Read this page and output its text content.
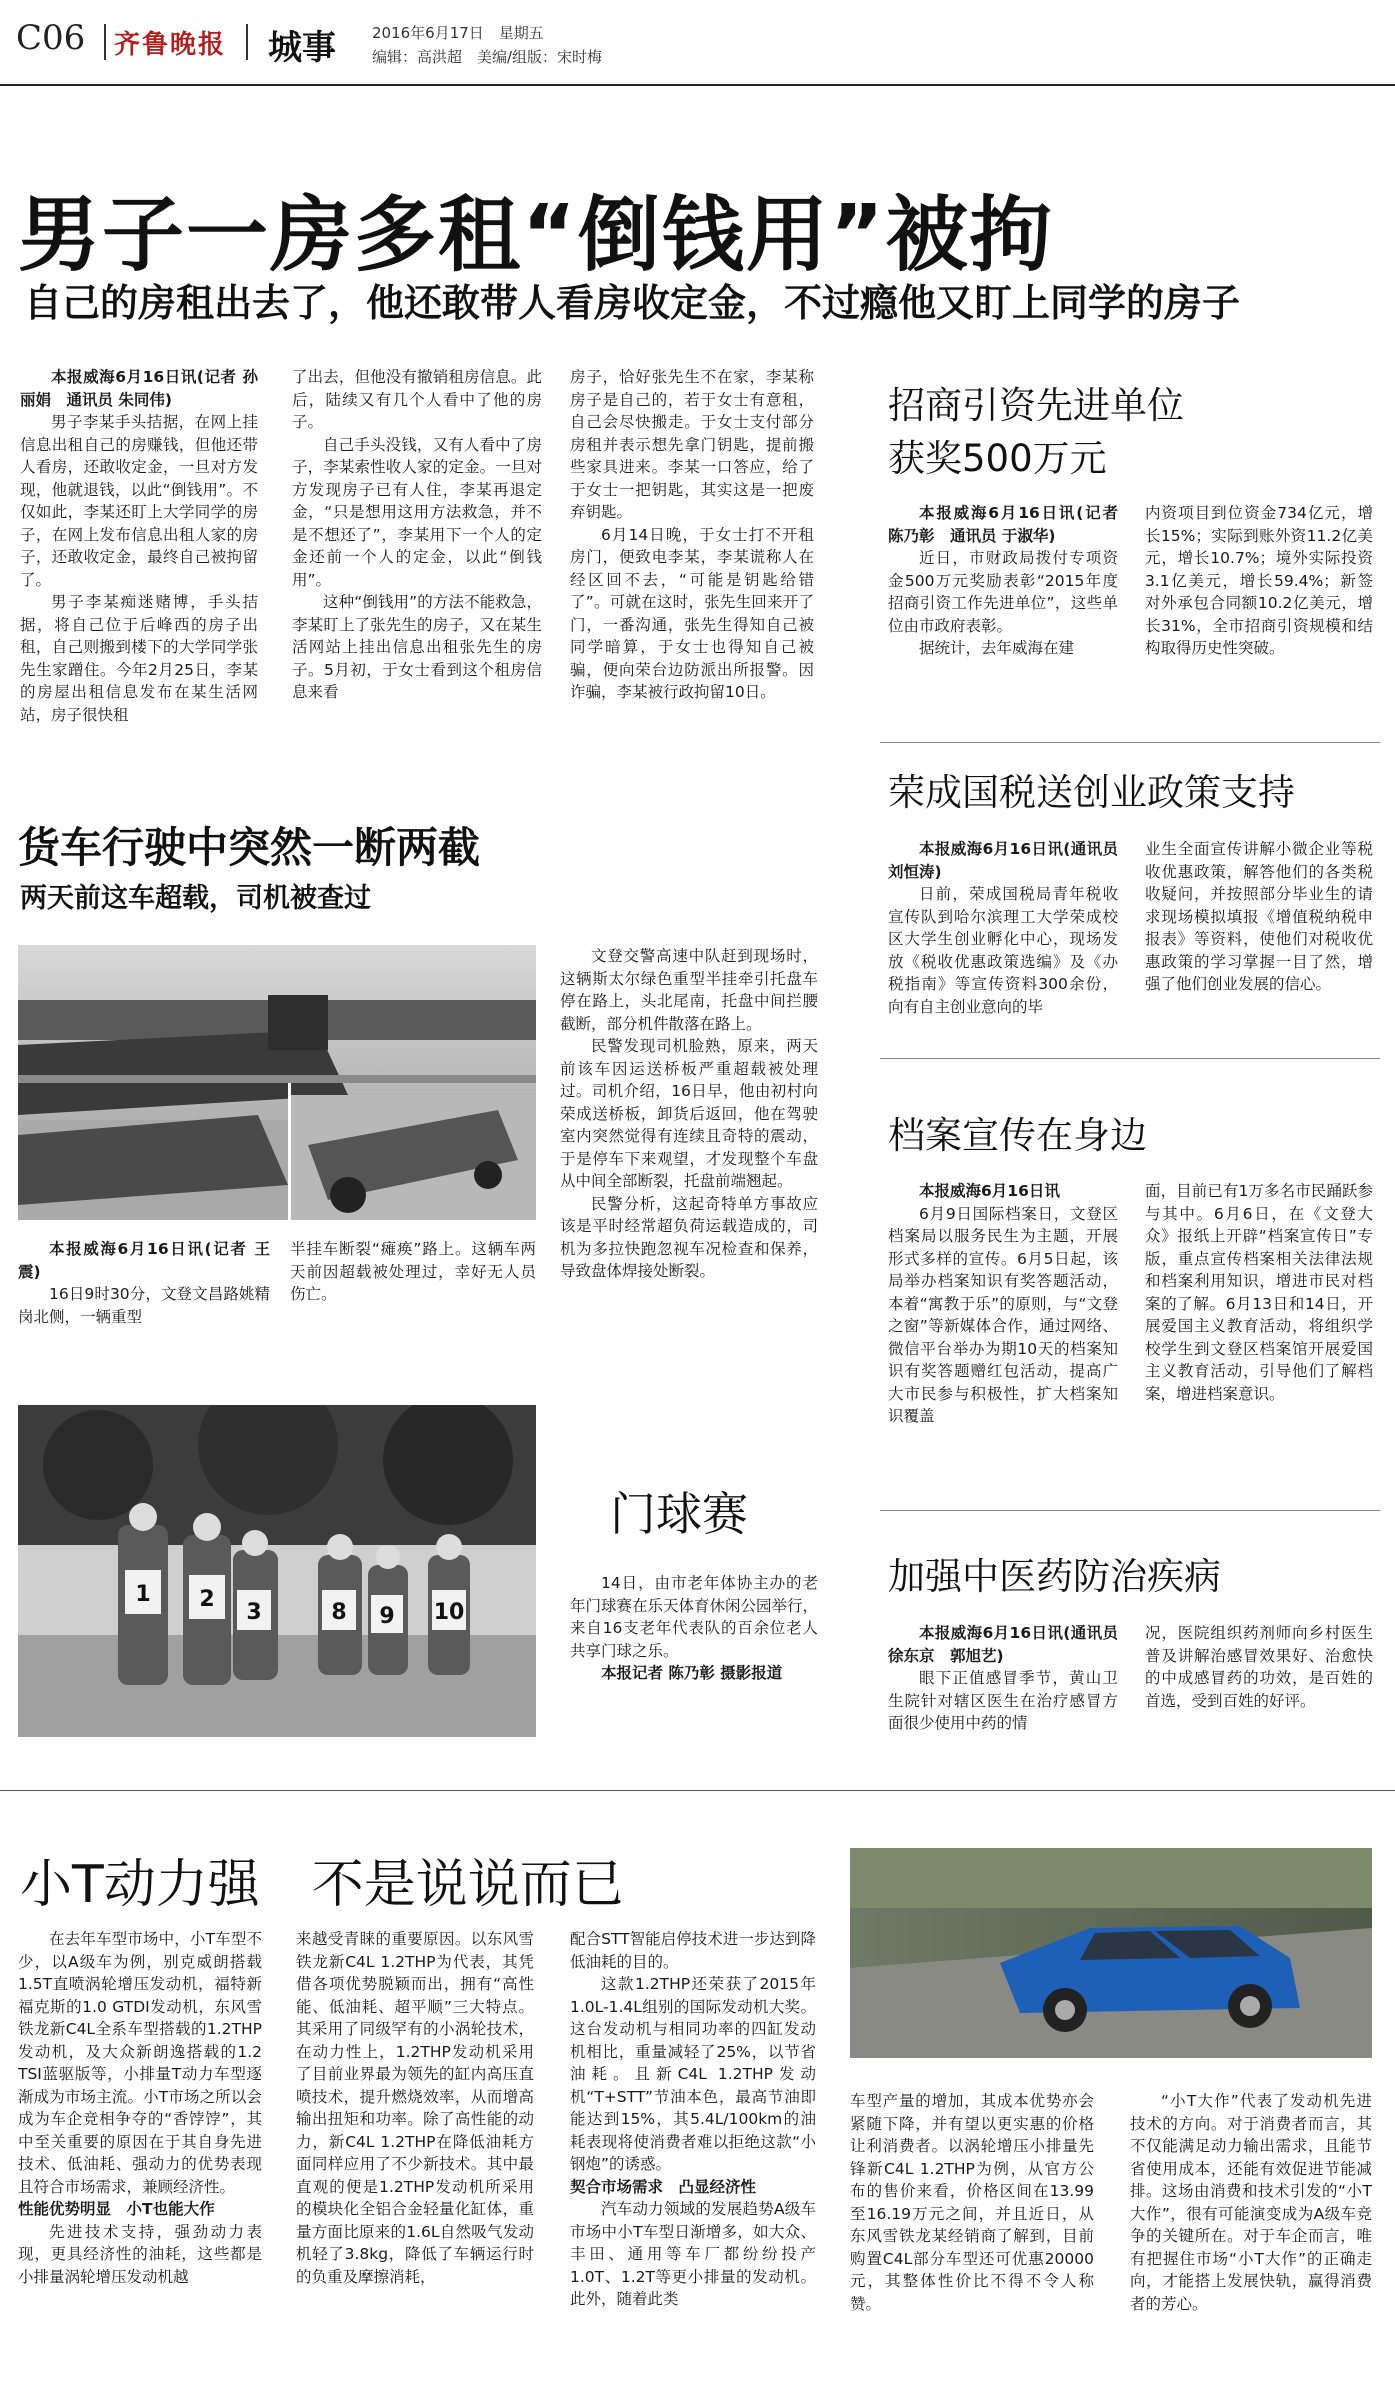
C06 齐鲁晚报 城事 2016年6月17日　星期五
编辑：高洪超　美编/组版：宋时梅
男子一房多租“倒钱用”被拘
自己的房租出去了，他还敢带人看房收定金，不过瘾他又盯上同学的房子

本报威海6月16日讯(记者 孙丽娟　通讯员 朱同伟)

男子李某手头拮据，在网上挂信息出租自己的房赚钱，但他还带人看房，还敢收定金，一旦对方发现，他就退钱，以此“倒钱用”。不仅如此，李某还盯上大学同学的房子，在网上发布信息出租人家的房子，还敢收定金，最终自己被拘留了。

男子李某痴迷赌博，手头拮据，将自己位于后峰西的房子出租，自己则搬到楼下的大学同学张先生家蹭住。今年2月25日，李某的房屋出租信息发布在某生活网站，房子很快租

了出去，但他没有撤销租房信息。此后，陆续又有几个人看中了他的房子。

自己手头没钱，又有人看中了房子，李某索性收人家的定金。一旦对方发现房子已有人住，李某再退定金，“只是想用这用方法救急，并不是不想还了”，李某用下一个人的定金还前一个人的定金，以此“倒钱用”。

这种“倒钱用”的方法不能救急，李某盯上了张先生的房子，又在某生活网站上挂出信息出租张先生的房子。5月初，于女士看到这个租房信息来看

房子，恰好张先生不在家，李某称房子是自己的，若于女士有意租，自己会尽快搬走。于女士支付部分房租并表示想先拿门钥匙，提前搬些家具进来。李某一口答应，给了于女士一把钥匙，其实这是一把废弃钥匙。

6月14日晚，于女士打不开租房门，便致电李某，李某谎称人在经区回不去，“可能是钥匙给错了”。可就在这时，张先生回来开了门，一番沟通，张先生得知自己被同学暗算，于女士也得知自己被骗，便向荣台边防派出所报警。因诈骗，李某被行政拘留10日。

货车行驶中突然一断两截
两天前这车超载，司机被查过

文登交警高速中队赶到现场时，这辆斯太尔绿色重型半挂牵引托盘车停在路上，头北尾南，托盘中间拦腰截断，部分机件散落在路上。

民警发现司机脸熟，原来，两天前该车因运送桥板严重超载被处理过。司机介绍，16日早，他由初村向荣成送桥板，卸货后返回，他在驾驶室内突然觉得有连续且奇特的震动，于是停车下来观望，才发现整个车盘从中间全部断裂，托盘前端翘起。

民警分析，这起奇特单方事故应该是平时经常超负荷运载造成的，司机为多拉快跑忽视车况检查和保养，导致盘体焊接处断裂。

本报威海6月16日讯(记者 王震)

16日9时30分，文登文昌路姚精岗北侧，一辆重型

半挂车断裂“瘫痪”路上。这辆车两天前因超载被处理过，幸好无人员伤亡。

1 2
3	8 9 10
门球赛

14日，由市老年体协主办的老年门球赛在乐天体育休闲公园举行，来自16支老年代表队的百余位老人共享门球之乐。

本报记者 陈乃彰 摄影报道

招商引资先进单位
获奖500万元

本报威海6月16日讯(记者 陈乃彰　通讯员 于淑华)

近日，市财政局拨付专项资金500万元奖励表彰“2015年度招商引资工作先进单位”，这些单位由市政府表彰。

据统计，去年威海在建

内资项目到位资金734亿元，增长15%；实际到账外资11.2亿美元，增长10.7%；境外实际投资3.1亿美元，增长59.4%；新签对外承包合同额10.2亿美元，增长31%，全市招商引资规模和结构取得历史性突破。

荣成国税送创业政策支持

本报威海6月16日讯(通讯员 刘恒涛)

日前，荣成国税局青年税收宣传队到哈尔滨理工大学荣成校区大学生创业孵化中心，现场发放《税收优惠政策选编》及《办税指南》等宣传资料300余份，向有自主创业意向的毕

业生全面宣传讲解小微企业等税收优惠政策，解答他们的各类税收疑问，并按照部分毕业生的请求现场模拟填报《增值税纳税申报表》等资料，使他们对税收优惠政策的学习掌握一目了然，增强了他们创业发展的信心。

档案宣传在身边

本报威海6月16日讯

6月9日国际档案日，文登区档案局以服务民生为主题，开展形式多样的宣传。6月5日起，该局举办档案知识有奖答题活动，本着“寓教于乐”的原则，与“文登之窗”等新媒体合作，通过网络、微信平台举办为期10天的档案知识有奖答题赠红包活动，提高广大市民参与积极性，扩大档案知识覆盖

面，目前已有1万多名市民踊跃参与其中。6月6日，在《文登大众》报纸上开辟“档案宣传日”专版，重点宣传档案相关法律法规和档案利用知识，增进市民对档案的了解。6月13日和14日，开展爱国主义教育活动，将组织学校学生到文登区档案馆开展爱国主义教育活动，引导他们了解档案，增进档案意识。

加强中医药防治疾病

本报威海6月16日讯(通讯员 徐东京　郭旭艺)

眼下正值感冒季节，黄山卫生院针对辖区医生在治疗感冒方面很少使用中药的情

况，医院组织药剂师向乡村医生普及讲解治感冒效果好、治愈快的中成感冒药的功效，是百姓的首选，受到百姓的好评。

小T动力强　不是说说而已

在去年车型市场中，小T车型不少，以A级车为例，别克威朗搭载1.5T直喷涡轮增压发动机，福特新福克斯的1.0 GTDI发动机，东风雪铁龙新C4L全系车型搭载的1.2THP发动机，及大众新朗逸搭载的1.2 TSI蓝驱版等，小排量T动力车型逐渐成为市场主流。小T市场之所以会成为车企竞相争夺的“香饽饽”，其中至关重要的原因在于其自身先进技术、低油耗、强动力的优势表现且符合市场需求，兼顾经济性。

性能优势明显　小T也能大作

先进技术支持，强劲动力表现，更具经济性的油耗，这些都是小排量涡轮增压发动机越

来越受青睐的重要原因。以东风雪铁龙新C4L 1.2THP为代表，其凭借各项优势脱颖而出，拥有“高性能、低油耗、超平顺”三大特点。其采用了同级罕有的小涡轮技术，在动力性上，1.2THP发动机采用了目前业界最为领先的缸内高压直喷技术，提升燃烧效率，从而增高输出扭矩和功率。除了高性能的动力，新C4L 1.2THP在降低油耗方面同样应用了不少新技术。其中最直观的便是1.2THP发动机所采用的模块化全铝合金轻量化缸体，重量方面比原来的1.6L自然吸气发动机轻了3.8kg，降低了车辆运行时的负重及摩擦消耗，

配合STT智能启停技术进一步达到降低油耗的目的。

这款1.2THP还荣获了2015年1.0L-1.4L组别的国际发动机大奖。这台发动机与相同功率的四缸发动机相比，重量减轻了25%，以节省油耗。且新C4L 1.2THP发动机“T+STT”节油本色，最高节油即能达到15%，其5.4L/100km的油耗表现将使消费者难以拒绝这款“小钢炮”的诱惑。

契合市场需求　凸显经济性

汽车动力领域的发展趋势A级车市场中小T车型日渐增多，如大众、丰田、通用等车厂都纷纷投产1.0T、1.2T等更小排量的发动机。此外，随着此类

车型产量的增加，其成本优势亦会紧随下降，并有望以更实惠的价格让利消费者。以涡轮增压小排量先锋新C4L 1.2THP为例，从官方公布的售价来看，价格区间在13.99至16.19万元之间，并且近日，从东风雪铁龙某经销商了解到，目前购置C4L部分车型还可优惠20000元，其整体性价比不得不令人称赞。

“小T大作”代表了发动机先进技术的方向。对于消费者而言，其不仅能满足动力输出需求，且能节省使用成本，还能有效促进节能减排。这场由消费和技术引发的“小T大作”，很有可能演变成为A级车竞争的关键所在。对于车企而言，唯有把握住市场“小T大作”的正确走向，才能搭上发展快轨，赢得消费者的芳心。
